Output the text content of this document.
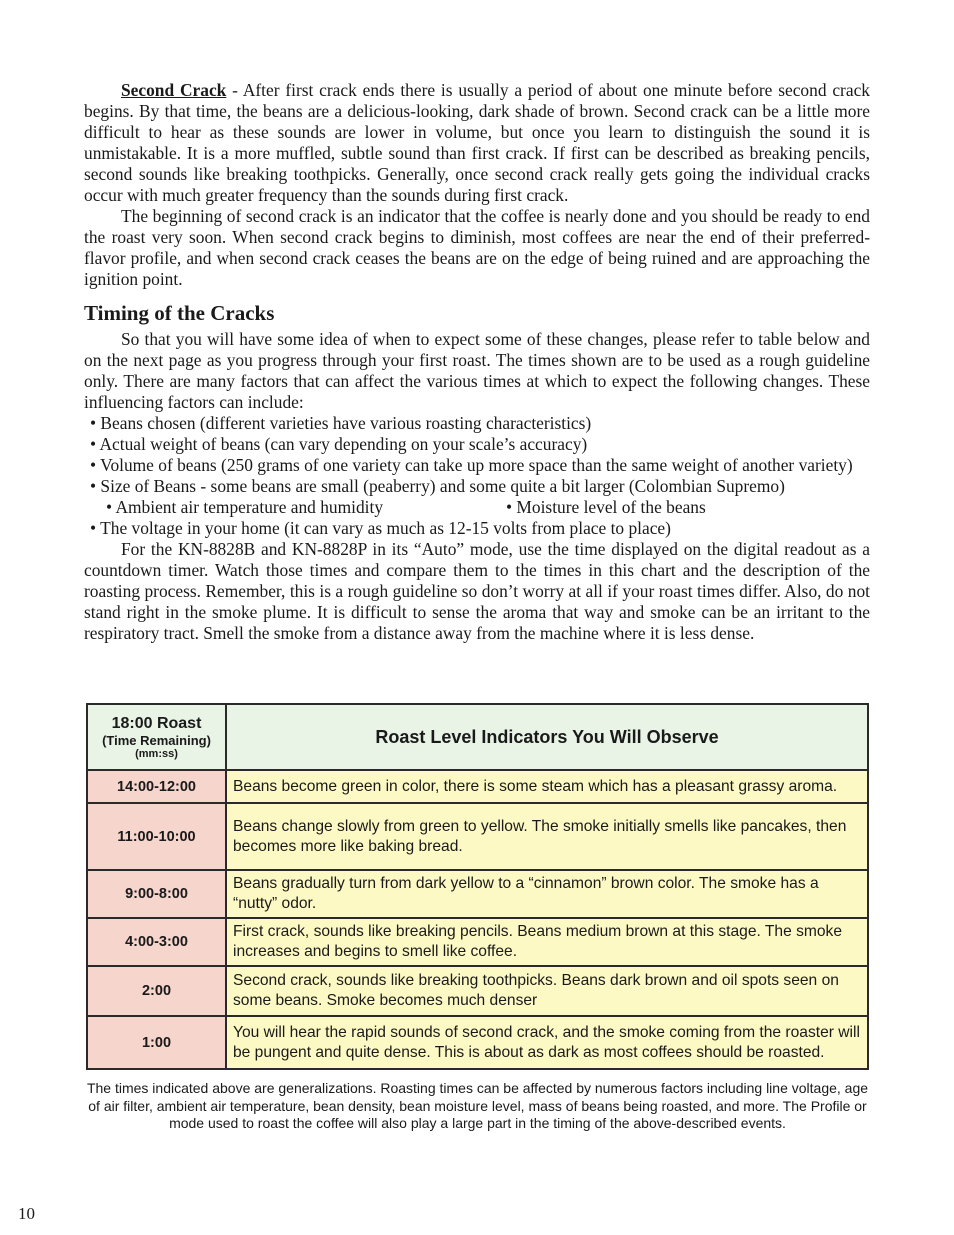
Second Crack - After first crack ends there is usually a period of about one minute before second crack begins. By that time, the beans are a delicious-looking, dark shade of brown. Second crack can be a little more difficult to hear as these sounds are lower in volume, but once you learn to distinguish the sound it is unmistakable. It is a more muffled, subtle sound than first crack. If first can be described as breaking pencils, second sounds like breaking toothpicks. Generally, once second crack really gets going the individual cracks occur with much greater frequency than the sounds during first crack.

The beginning of second crack is an indicator that the coffee is nearly done and you should be ready to end the roast very soon. When second crack begins to diminish, most coffees are near the end of their preferred-flavor profile, and when second crack ceases the beans are on the edge of being ruined and are approaching the ignition point.

Timing of the Cracks

So that you will have some idea of when to expect some of these changes, please refer to table below and on the next page as you progress through your first roast. The times shown are to be used as a rough guideline only. There are many factors that can affect the various times at which to expect the following changes. These influencing factors can include:

• Beans chosen (different varieties have various roasting characteristics)
• Actual weight of beans (can vary depending on your scale’s accuracy)
• Volume of beans (250 grams of one variety can take up more space than the same weight of another variety)
• Size of Beans - some beans are small (peaberry) and some quite a bit larger (Colombian Supremo)
• Ambient air temperature and humidity	• Moisture level of the beans
• The voltage in your home (it can vary as much as 12-15 volts from place to place)

For the KN-8828B and KN-8828P in its “Auto” mode, use the time displayed on the digital readout as a countdown timer. Watch those times and compare them to the times in this chart and the description of the roasting process. Remember, this is a rough guideline so don’t worry at all if your roast times differ. Also, do not stand right in the smoke plume. It is difficult to sense the aroma that way and smoke can be an irritant to the respiratory tract. Smell the smoke from a distance away from the machine where it is less dense.

18:00 Roast
(Time Remaining)
(mm:ss)	Roast Level Indicators You Will Observe
14:00-12:00	Beans become green in color, there is some steam which has a pleasant grassy aroma.
11:00-10:00	Beans change slowly from green to yellow. The smoke initially smells like pancakes, then becomes more like baking bread.
9:00-8:00	Beans gradually turn from dark yellow to a “cinnamon” brown color. The smoke has a “nutty” odor.
4:00-3:00	First crack, sounds like breaking pencils. Beans medium brown at this stage. The smoke increases and begins to smell like coffee.
2:00	Second crack, sounds like breaking toothpicks. Beans dark brown and oil spots seen on some beans. Smoke becomes much denser
1:00	You will hear the rapid sounds of second crack, and the smoke coming from the roaster will be pungent and quite dense. This is about as dark as most coffees should be roasted.
The times indicated above are generalizations. Roasting times can be affected by numerous factors including line voltage, age of air filter, ambient air temperature, bean density, bean moisture level, mass of beans being roasted, and more. The Profile or mode used to roast the coffee will also play a large part in the timing of the above-described events.
10
